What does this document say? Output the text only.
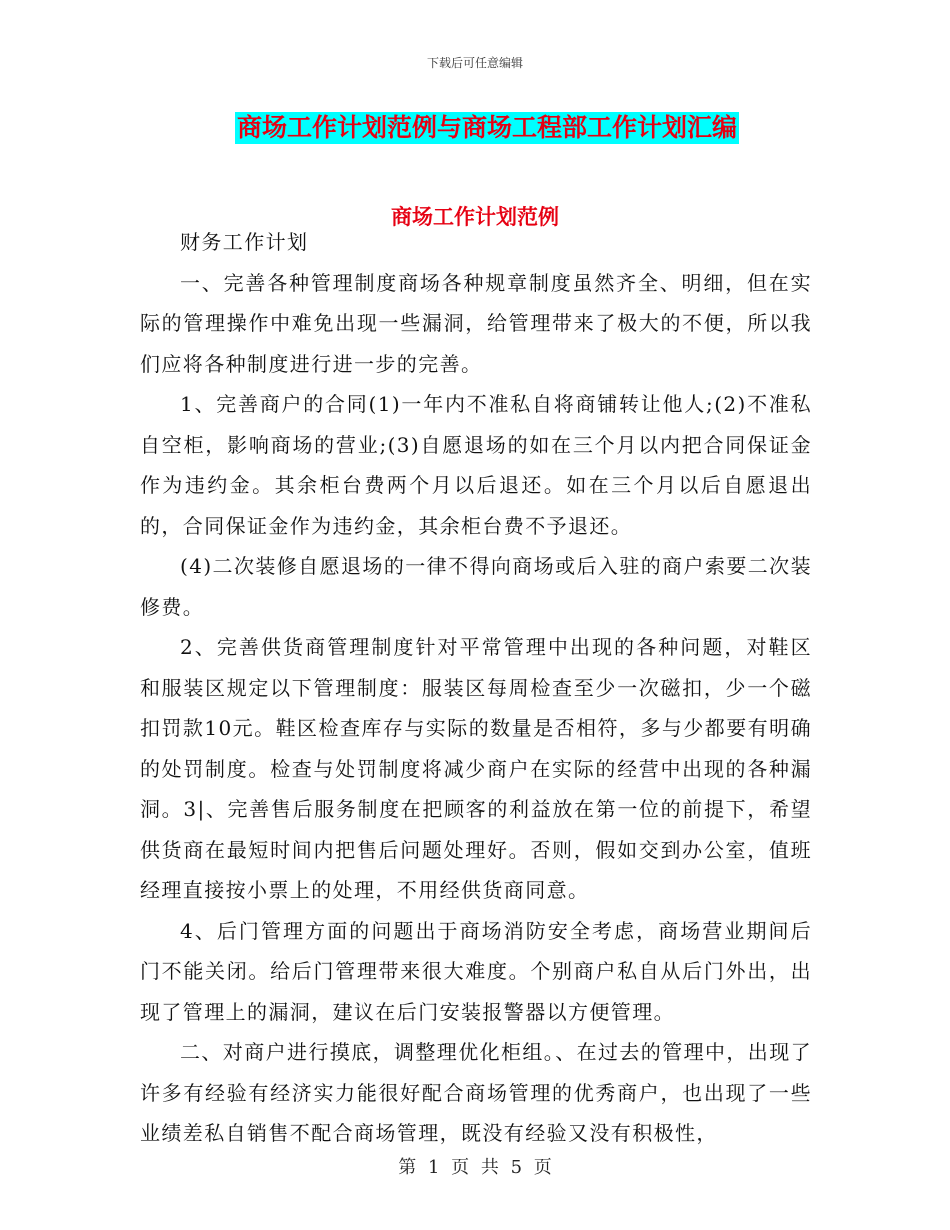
下载后可任意编辑
商场工作计划范例与商场工程部工作计划汇编
商场工作计划范例

财务工作计划

一、完善各种管理制度商场各种规章制度虽然齐全、明细，但在实际的管理操作中难免出现一些漏洞，给管理带来了极大的不便，所以我们应将各种制度进行进一步的完善。

1、完善商户的合同(1)一年内不准私自将商铺转让他人;(2)不准私自空柜，影响商场的营业;(3)自愿退场的如在三个月以内把合同保证金作为违约金。其余柜台费两个月以后退还。如在三个月以后自愿退出的，合同保证金作为违约金，其余柜台费不予退还。

(4)二次装修自愿退场的一律不得向商场或后入驻的商户索要二次装修费。

2、完善供货商管理制度针对平常管理中出现的各种问题，对鞋区和服装区规定以下管理制度：服装区每周检查至少一次磁扣，少一个磁扣罚款10元。鞋区检查库存与实际的数量是否相符，多与少都要有明确的处罚制度。检查与处罚制度将减少商户在实际的经营中出现的各种漏洞。3|、完善售后服务制度在把顾客的利益放在第一位的前提下，希望供货商在最短时间内把售后问题处理好。否则，假如交到办公室，值班经理直接按小票上的处理，不用经供货商同意。

4、后门管理方面的问题出于商场消防安全考虑，商场营业期间后门不能关闭。给后门管理带来很大难度。个别商户私自从后门外出，出现了管理上的漏洞，建议在后门安装报警器以方便管理。

二、对商户进行摸底，调整理优化柜组。、在过去的管理中，出现了许多有经验有经济实力能很好配合商场管理的优秀商户，也出现了一些业绩差私自销售不配合商场管理，既没有经验又没有积极性，

第 1 页 共 5 页
